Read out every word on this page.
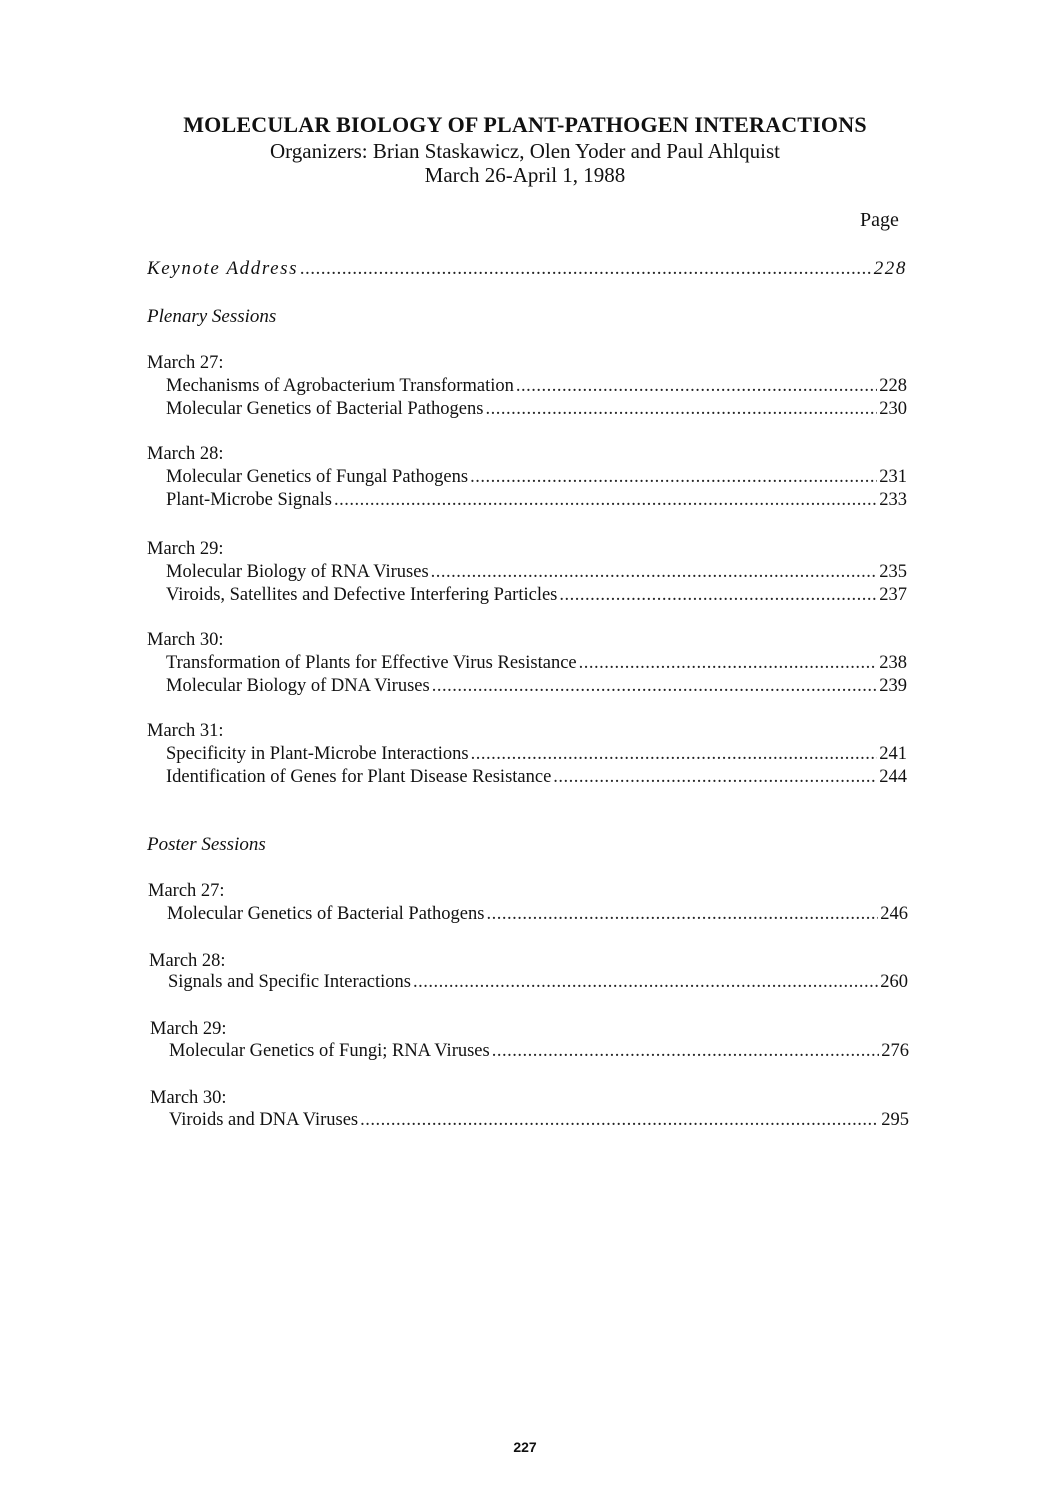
MOLECULAR BIOLOGY OF PLANT-PATHOGEN INTERACTIONS
Organizers: Brian Staskawicz, Olen Yoder and Paul Ahlquist
March 26-April 1, 1988
Page
Keynote Address .....	228
Plenary Sessions
March 27:
Mechanisms of Agrobacterium Transformation .....	228
Molecular Genetics of Bacterial Pathogens .....	230
March 28:
Molecular Genetics of Fungal Pathogens .....	231
Plant-Microbe Signals .....	233
March 29:
Molecular Biology of RNA Viruses .....	235
Viroids, Satellites and Defective Interfering Particles .....	237
March 30:
Transformation of Plants for Effective Virus Resistance .....	238
Molecular Biology of DNA Viruses .....	239
March 31:
Specificity in Plant-Microbe Interactions .....	241
Identification of Genes for Plant Disease Resistance .....	244
Poster Sessions
March 27:
Molecular Genetics of Bacterial Pathogens .....	246
March 28:
Signals and Specific Interactions .....	260
March 29:
Molecular Genetics of Fungi; RNA Viruses .....	276
March 30:
Viroids and DNA Viruses .....	295
227
